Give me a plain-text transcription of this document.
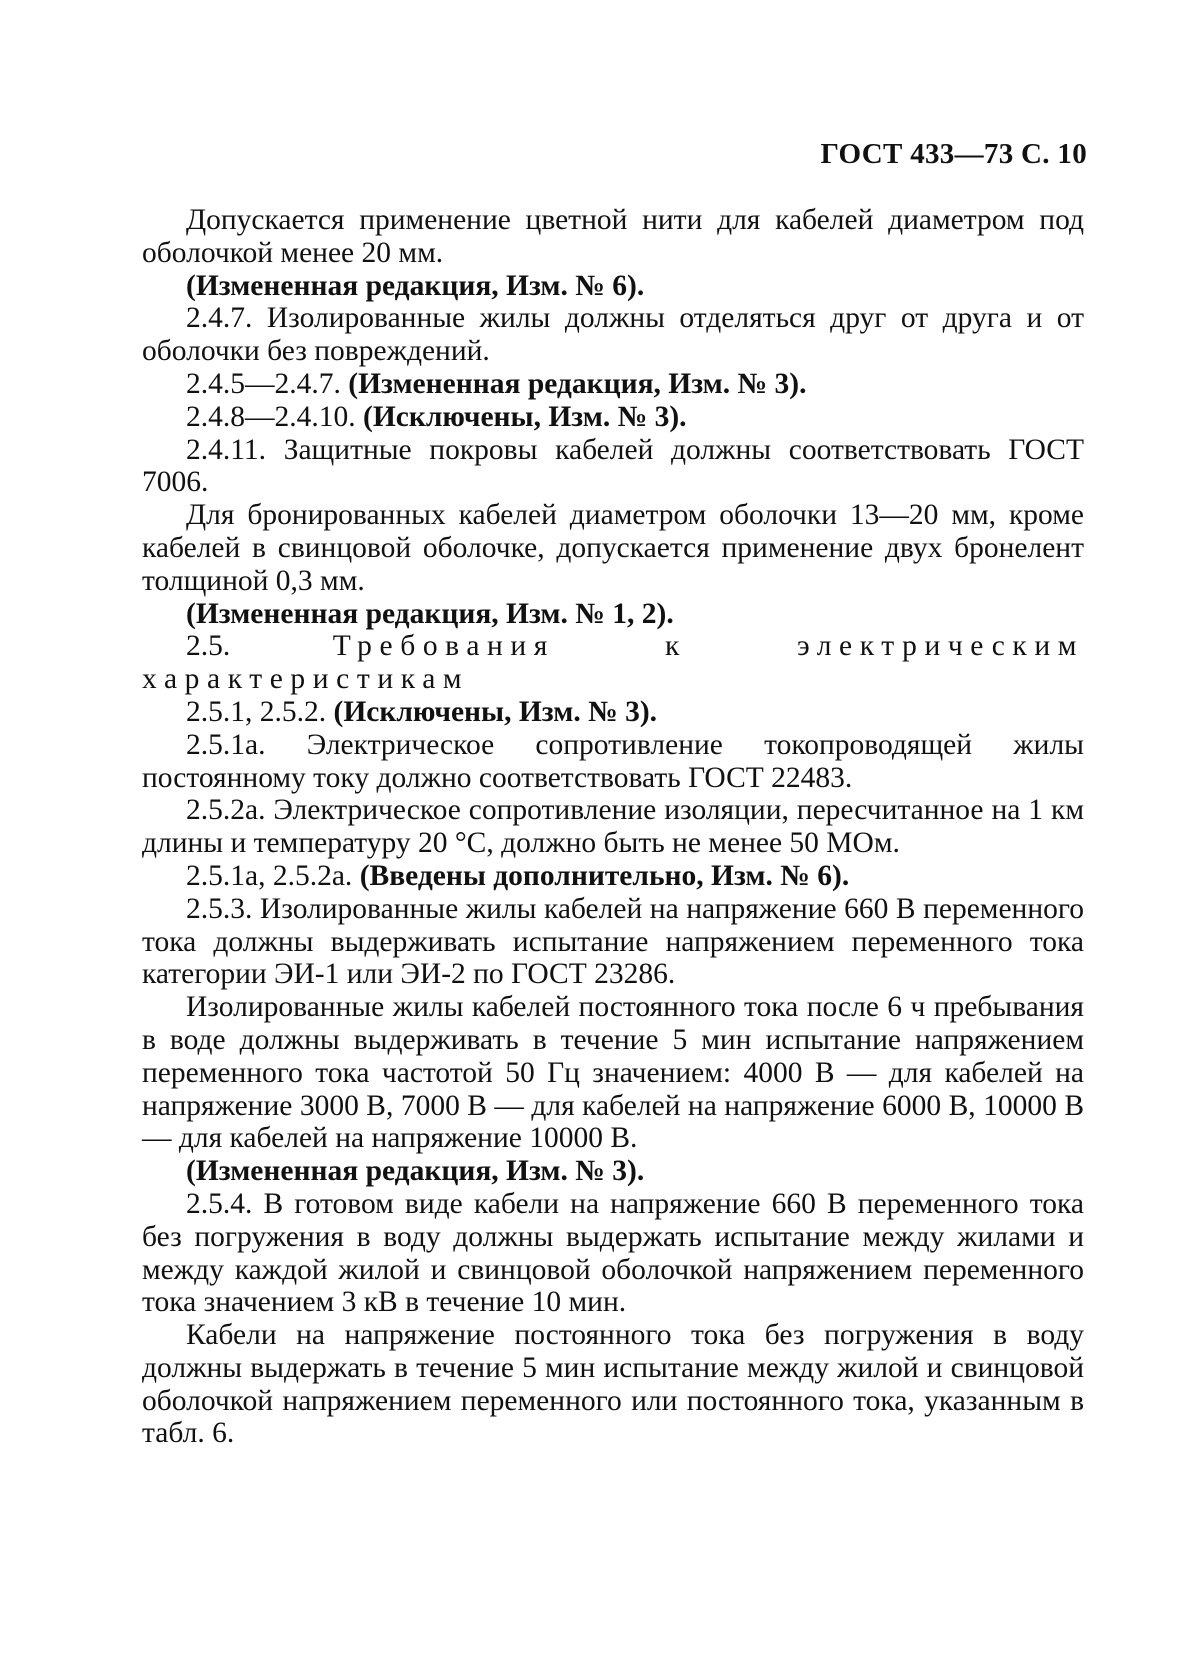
ГОСТ 433—73 С. 10

Допускается применение цветной нити для кабелей диаметром под оболочкой менее 20 мм.

(Измененная редакция, Изм. № 6).

2.4.7. Изолированные жилы должны отделяться друг от друга и от оболочки без повреждений.

2.4.5—2.4.7. (Измененная редакция, Изм. № 3).

2.4.8—2.4.10. (Исключены, Изм. № 3).

2.4.11. Защитные покровы кабелей должны соответствовать ГОСТ 7006.

Для бронированных кабелей диаметром оболочки 13—20 мм, кроме кабелей в свинцовой оболочке, допускается применение двух бронелент толщиной 0,3 мм.

(Измененная редакция, Изм. № 1, 2).

2.5.	Требования к электрическим характеристикам

2.5.1, 2.5.2. (Исключены, Изм. № 3).

2.5.1а. Электрическое сопротивление токопроводящей жилы постоянному току должно соответствовать ГОСТ 22483.

2.5.2а. Электрическое сопротивление изоляции, пересчитанное на 1 км длины и температуру 20 °С, должно быть не менее 50 МОм.

2.5.1а, 2.5.2а. (Введены дополнительно, Изм. № 6).

2.5.3. Изолированные жилы кабелей на напряжение 660 В переменного тока должны выдерживать испытание напряжением переменного тока категории ЭИ-1 или ЭИ-2 по ГОСТ 23286.

Изолированные жилы кабелей постоянного тока после 6 ч пребывания в воде должны выдерживать в течение 5 мин испытание напряжением переменного тока частотой 50 Гц значением: 4000 В — для кабелей на напряжение 3000 В, 7000 В — для кабелей на напряжение 6000 В, 10000 В — для кабелей на напряжение 10000 В.

(Измененная редакция, Изм. № 3).

2.5.4. В готовом виде кабели на напряжение 660 В переменного тока без погружения в воду должны выдержать испытание между жилами и между каждой жилой и свинцовой оболочкой напряжением переменного тока значением 3 кВ в течение 10 мин.

Кабели на напряжение постоянного тока без погружения в воду должны выдержать в течение 5 мин испытание между жилой и свинцовой оболочкой напряжением переменного или постоянного тока, указанным в табл. 6.
